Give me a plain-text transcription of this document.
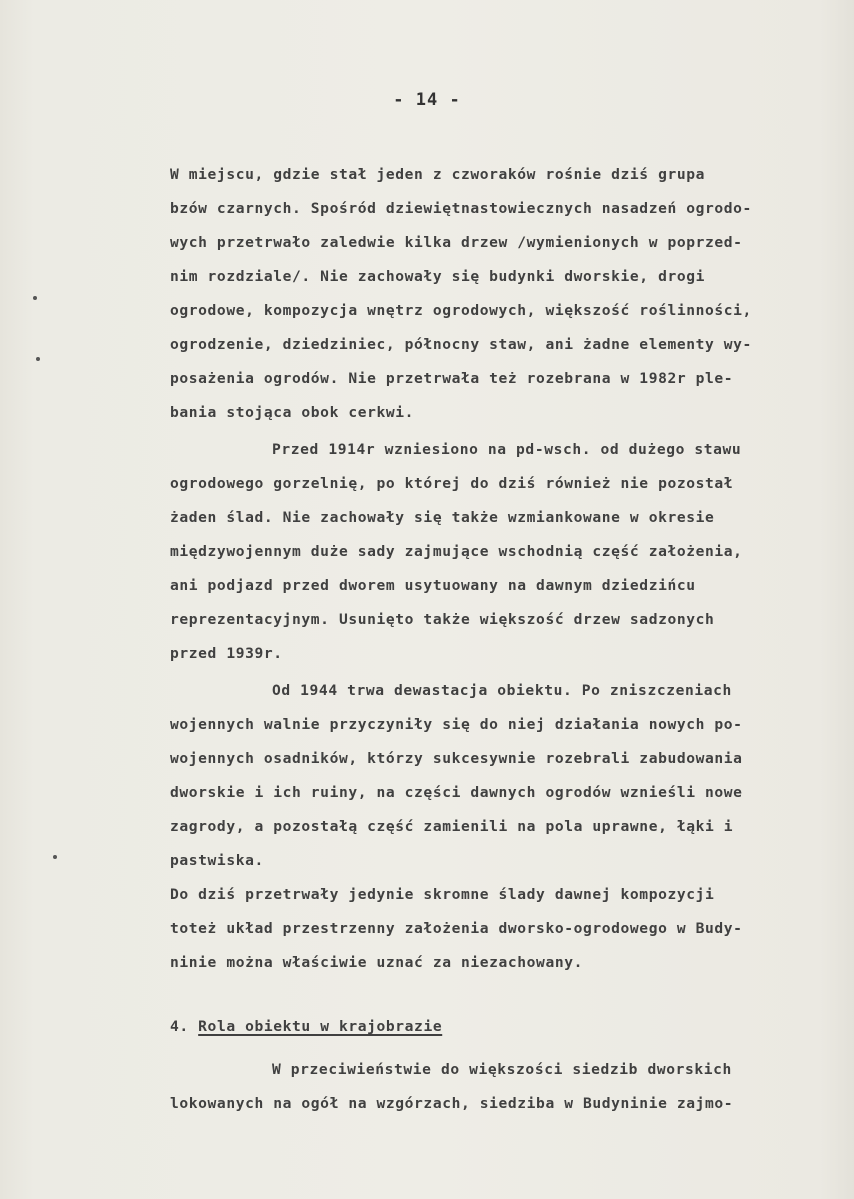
- 14 -
W miejscu, gdzie stał jeden z czworaków rośnie dziś grupa
bzów czarnych. Spośród dziewiętnastowiecznych nasadzeń ogrodo-
wych przetrwało zaledwie kilka drzew /wymienionych w poprzed-
nim rozdziale/. Nie zachowały się budynki dworskie, drogi
ogrodowe, kompozycja wnętrz ogrodowych, większość roślinności,
ogrodzenie, dziedziniec, północny staw, ani żadne elementy wy-
posażenia ogrodów. Nie przetrwała też rozebrana w 1982r ple-
bania stojąca obok cerkwi.
Przed 1914r wzniesiono na pd-wsch. od dużego stawu
ogrodowego gorzelnię, po której do dziś również nie pozostał
żaden ślad. Nie zachowały się także wzmiankowane w okresie
międzywojennym duże sady zajmujące wschodnią część założenia,
ani podjazd przed dworem usytuowany na dawnym dziedzińcu
reprezentacyjnym. Usunięto także większość drzew sadzonych
przed 1939r.
Od 1944 trwa dewastacja obiektu. Po zniszczeniach
wojennych walnie przyczyniły się do niej działania nowych po-
wojennych osadników, którzy sukcesywnie rozebrali zabudowania
dworskie i ich ruiny, na części dawnych ogrodów wznieśli nowe
zagrody, a pozostałą część zamienili na pola uprawne, łąki i
pastwiska.
Do dziś przetrwały jedynie skromne ślady dawnej kompozycji
toteż układ przestrzenny założenia dworsko-ogrodowego w Budy-
ninie można właściwie uznać za niezachowany.
4. Rola obiektu w krajobrazie
W przeciwieństwie do większości siedzib dworskich
lokowanych na ogół na wzgórzach, siedziba w Budyninie zajmo-
